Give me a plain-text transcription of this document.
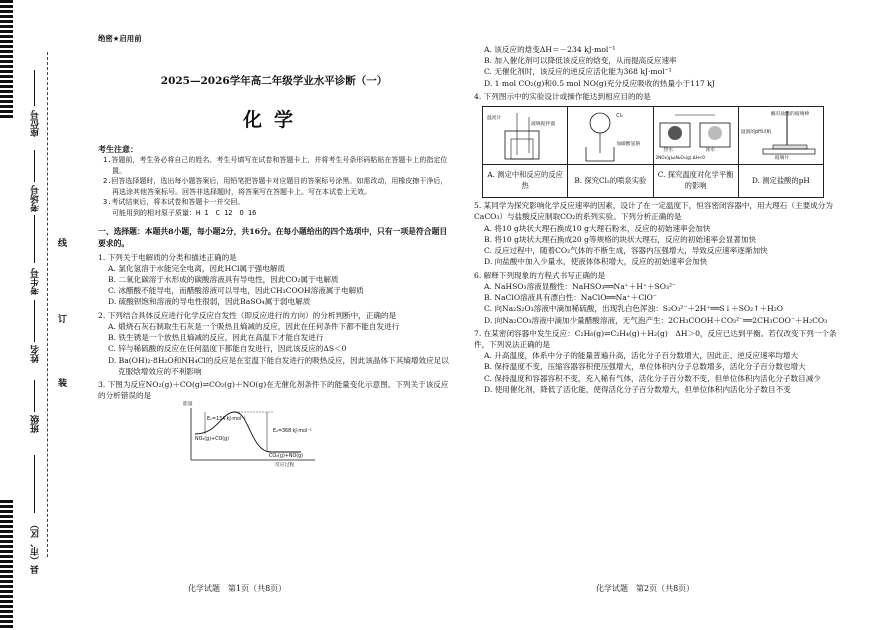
座位号
考场号
考生号
姓名
班级
县（市、区）
线
订
装
绝密★启用前
2025—2026学年高二年级学业水平诊断（一）
化学
考生注意：
1.答题前，考生务必将自己的姓名、考生号填写在试卷和答题卡上，并将考生号条形码粘贴在答题卡上的指定位置。
2.回答选择题时，选出每小题答案后，用铅笔把答题卡对应题目的答案标号涂黑。如需改动，用橡皮擦干净后，再选涂其他答案标号。回答非选择题时，将答案写在答题卡上。写在本试卷上无效。
3.考试结束后，将本试卷和答题卡一并交回。
可能用到的相对原子质量：H 1　C 12　O 16
一、选择题：本题共8小题，每小题2分，共16分。在每小题给出的四个选项中，只有一项是符合题目要求的。
1. 下列关于电解质的分类和描述正确的是
A. 氯化氢溶于水能完全电离，因此HCl属于强电解质
B. 二氧化碳溶于水形成的碳酸溶液具有导电性，因此CO₂属于电解质
C. 冰醋酸不能导电，而醋酸溶液可以导电，因此CH₃COOH溶液属于电解质
D. 硫酸钡饱和溶液的导电性很弱，因此BaSO₄属于弱电解质
2. 下列结合具体反应进行化学反应自发性（即反应进行的方向）的分析判断中，正确的是
A. 煅烧石灰石制取生石灰是一个吸热且熵减的反应，因此在任何条件下都不能自发进行
B. 铁生锈是一个放热且熵减的反应，因此在高温下才能自发进行
C. 锌与稀硫酸的反应在任何温度下都能自发进行，因此该反应的ΔS＜0
D. Ba(OH)₂·8H₂O和NH₄Cl的反应是在室温下能自发进行的吸热反应，因此该晶体下其熵增效应足以克服焓增效应的不利影响
3. 下图为反应NO₂(g)＋CO(g)⇌CO₂(g)＋NO(g)在无催化剂条件下的能量变化示意图。下列关于该反应的分析错误的是
能量
E₁=134 kJ·mol⁻¹
E₂=368 kJ·mol⁻¹
NO₂(g)+CO(g)
CO₂(g)+NO(g)
反应过程
A. 该反应的焓变ΔH＝－234 kJ·mol⁻¹
B. 加入催化剂可以降低该反应的焓变，从而提高反应速率
C. 无催化剂时，该反应的逆反应活化能为368 kJ·mol⁻¹
D. 1 mol CO₂(g)和0.5 mol NO(g)充分反应吸收的热量小于117 kJ
4. 下列图示中的实验设计或操作能达到相应目的的是
温度计
玻璃搅拌器
A. 测定中和反应的反应热
Cl₂
加碳酸氢钠
B. 探究Cl₂的喷泉实验
热水	冰水
2NO₂(g)⇌N₂O₄(g) ΔH<0
C. 探究温度对化学平衡的影响
蘸有盐酸的玻璃棒
湿润的pH试纸
玻璃片
D. 测定盐酸的pH
5. 某同学为探究影响化学反应速率的因素，设计了在一定温度下，恒容密闭容器中，用大理石（主要成分为CaCO₃）与盐酸反应制取CO₂的系列实验。下列分析正确的是
A. 将10 g块状大理石换成10 g大理石粉末，反应的初始速率会加快
B. 将10 g块状大理石换成20 g等规格的块状大理石，反应的初始速率会显著加快
C. 反应过程中，随着CO₂气体的不断生成，容器内压强增大，导致反应速率逐渐加快
D. 向盐酸中加入少量水，使液体体积增大，反应的初始速率会加快
6. 解释下列现象的方程式书写正确的是
A. NaHSO₃溶液显酸性：NaHSO₃══Na⁺＋H⁺＋SO₃²⁻
B. NaClO溶液具有漂白性：NaClO══Na⁺＋ClO⁻
C. 向Na₂S₂O₃溶液中滴加稀硫酸，出现乳白色浑浊：S₂O₃²⁻＋2H⁺══S↓＋SO₂↑＋H₂O
D. 向Na₂CO₃溶液中滴加少量醋酸溶液，无气泡产生：2CH₃COOH＋CO₃²⁻══2CH₃COO⁻＋H₂CO₃
7. 在某密闭容器中发生反应：C₂H₆(g)⇌C₂H₄(g)＋H₂(g)　ΔH＞0，反应已达到平衡。若仅改变下列一个条件，下列说法正确的是
A. 升高温度，体系中分子的能量普遍升高，活化分子百分数增大，因此正、逆反应速率均增大
B. 保持温度不变，压缩容器容积使压强增大，单位体积内分子总数增多，活化分子百分数也增大
C. 保持温度和容器容积不变，充入稀有气体，活化分子百分数不变，但单位体积内活化分子数目减少
D. 使用催化剂，降低了活化能，使得活化分子百分数增大，但单位体积内活化分子数目不变
化学试题　第1页（共8页）	化学试题　第2页（共8页）
